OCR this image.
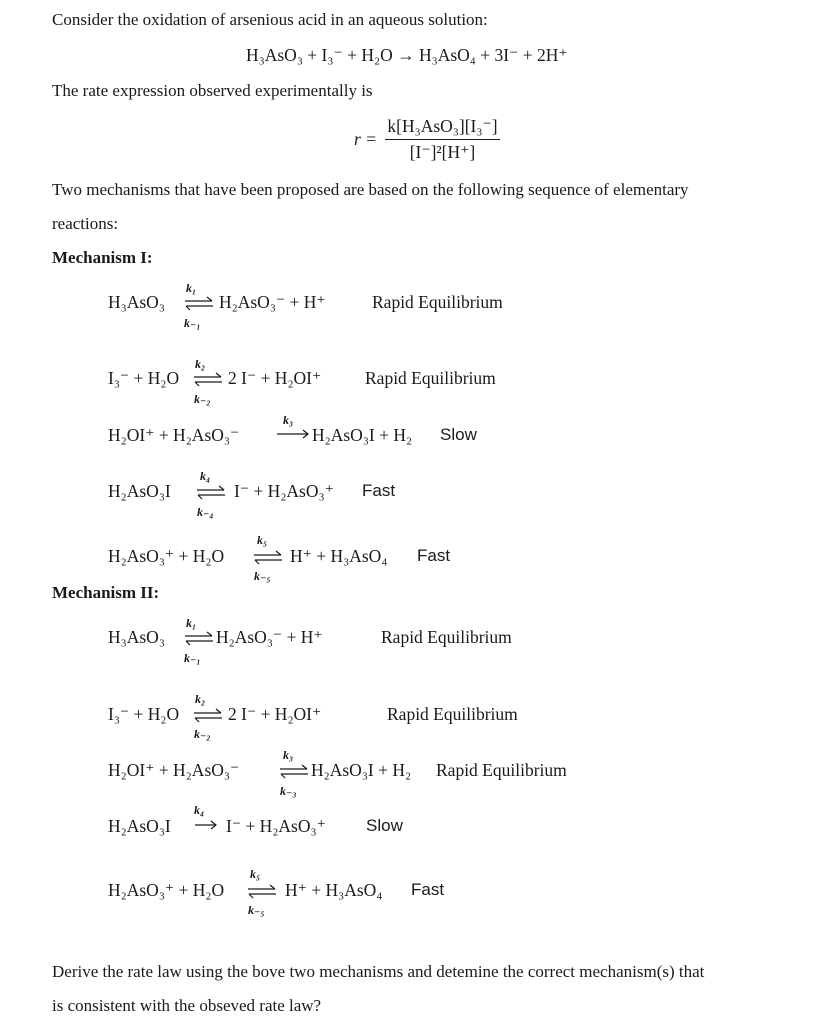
Consider the oxidation of arsenious acid in an aqueous solution:
H₃AsO₃ + I₃⁻ + H₂O → H₃AsO₄ + 3I⁻ + 2H⁺
The rate expression observed experimentally is
$r = \frac{\text{k[H₃AsO₃][I₃⁻]}}{\text{[I⁻]²[H⁺]}}$
Two mechanisms that have been proposed are based on the following sequence of elementary
reactions:
Mechanism I:
H₃AsO₃
k₁
k₋₁
H₂AsO₃⁻ + H⁺	Rapid Equilibrium
I₃⁻ + H₂O
k₂
k₋₂
2 I⁻ + H₂OI⁺ Rapid Equilibrium
H₂OI⁺ + H₂AsO₃⁻
k₃
H₂AsO₃I + H₂ Slow
H₂AsO₃I
k₄
k₋₄
I⁻ + H₂AsO₃⁺ Fast
H₂AsO₃⁺ + H₂O
k₅
k₋₅
H⁺ + H₃AsO₄ Fast
Mechanism II:
H₃AsO₃
k₁
k₋₁
H₂AsO₃⁻ + H⁺	Rapid Equilibrium
I₃⁻ + H₂O
k₂
k₋₂
2 I⁻ + H₂OI⁺	Rapid Equilibrium
H₂OI⁺ + H₂AsO₃⁻
k₃
k₋₃
H₂AsO₃I + H₂ Rapid Equilibrium
H₂AsO₃I
k₄
I⁻ + H₂AsO₃⁺ Slow
H₂AsO₃⁺ + H₂O
k₅
k₋₅
H⁺ + H₃AsO₄ Fast
Derive the rate law using the bove two mechanisms and detemine the correct mechanism(s) that
is consistent with the obseved rate law?
